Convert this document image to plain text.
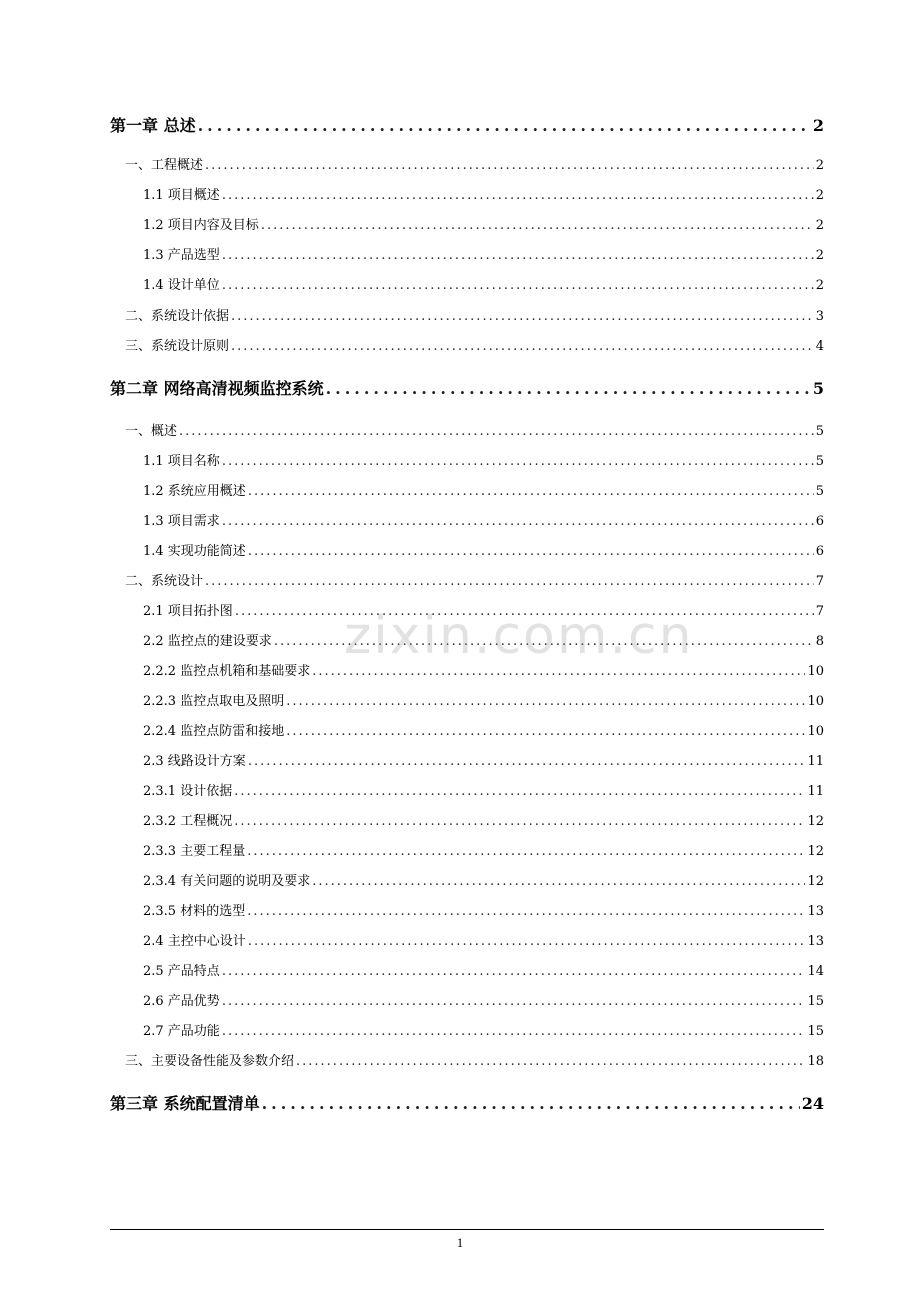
第一章 总述 .....	2
一、工程概述 .....	2
1.1 项目概述 .....	2
1.2 项目内容及目标 .....	2
1.3 产品选型 .....	2
1.4 设计单位 .....	2
二、系统设计依据 .....	3
三、系统设计原则 .....	4
第二章 网络高清视频监控系统 .....	5
一、概述 .....	5
1.1 项目名称 .....	5
1.2 系统应用概述 .....	5
1.3 项目需求 .....	6
1.4 实现功能简述 .....	6
二、系统设计 .....	7
2.1 项目拓扑图 .....	7
2.2 监控点的建设要求 .....	8
2.2.2 监控点机箱和基础要求 .....	10
2.2.3 监控点取电及照明 .....	10
2.2.4 监控点防雷和接地 .....	10
2.3 线路设计方案 .....	11
2.3.1 设计依据 .....	11
2.3.2 工程概况 .....	12
2.3.3 主要工程量 .....	12
2.3.4 有关问题的说明及要求 .....	12
2.3.5 材料的选型 .....	13
2.4 主控中心设计 .....	13
2.5 产品特点 .....	14
2.6 产品优势 .....	15
2.7 产品功能 .....	15
三、主要设备性能及参数介绍 .....	18
第三章 系统配置清单 .....	24
zixin.com.cn
1
